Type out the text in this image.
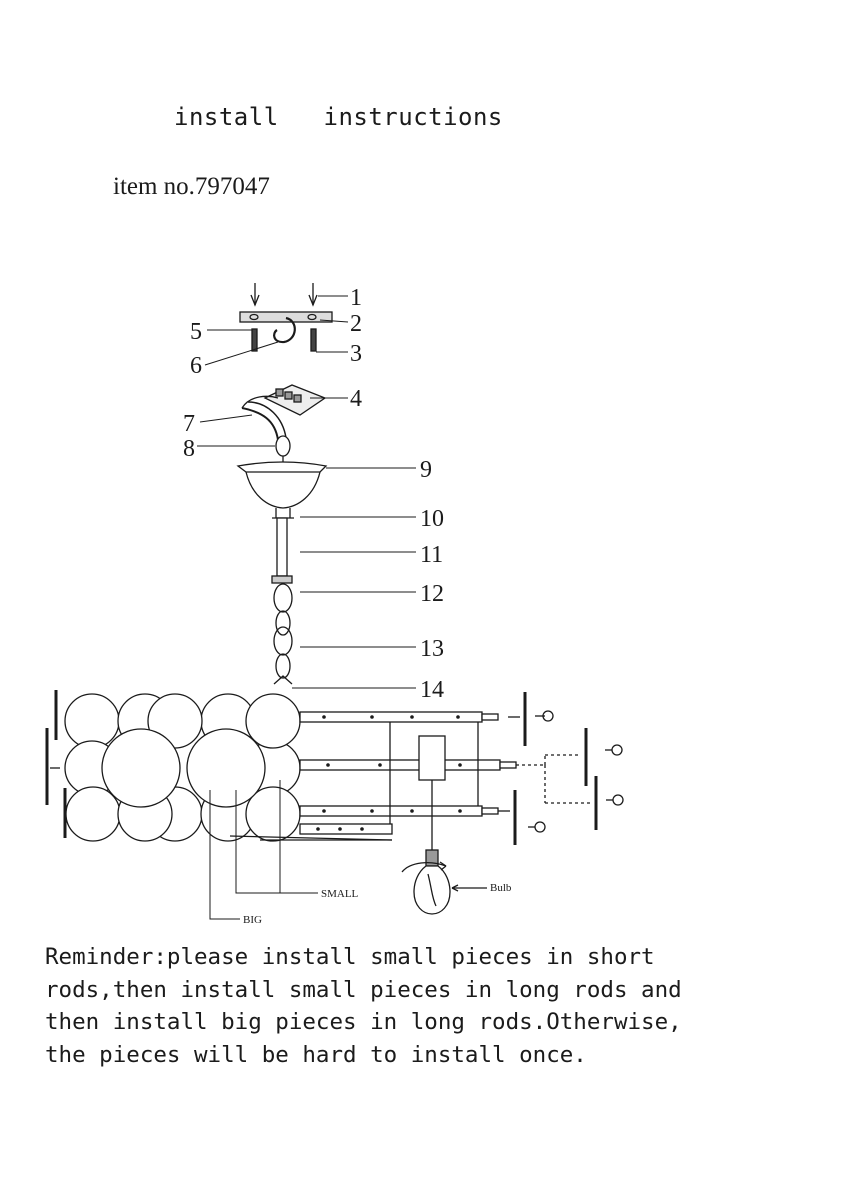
install   instructions
item no.797047
1
2
3
4
5
6
7
8
9
10
11
12
13
14
SMALL
BIG
Bulb
Reminder:please install small pieces in short
rods,then install small pieces in long rods and
then install big pieces in long rods.Otherwise,
the pieces will be hard to install once.
